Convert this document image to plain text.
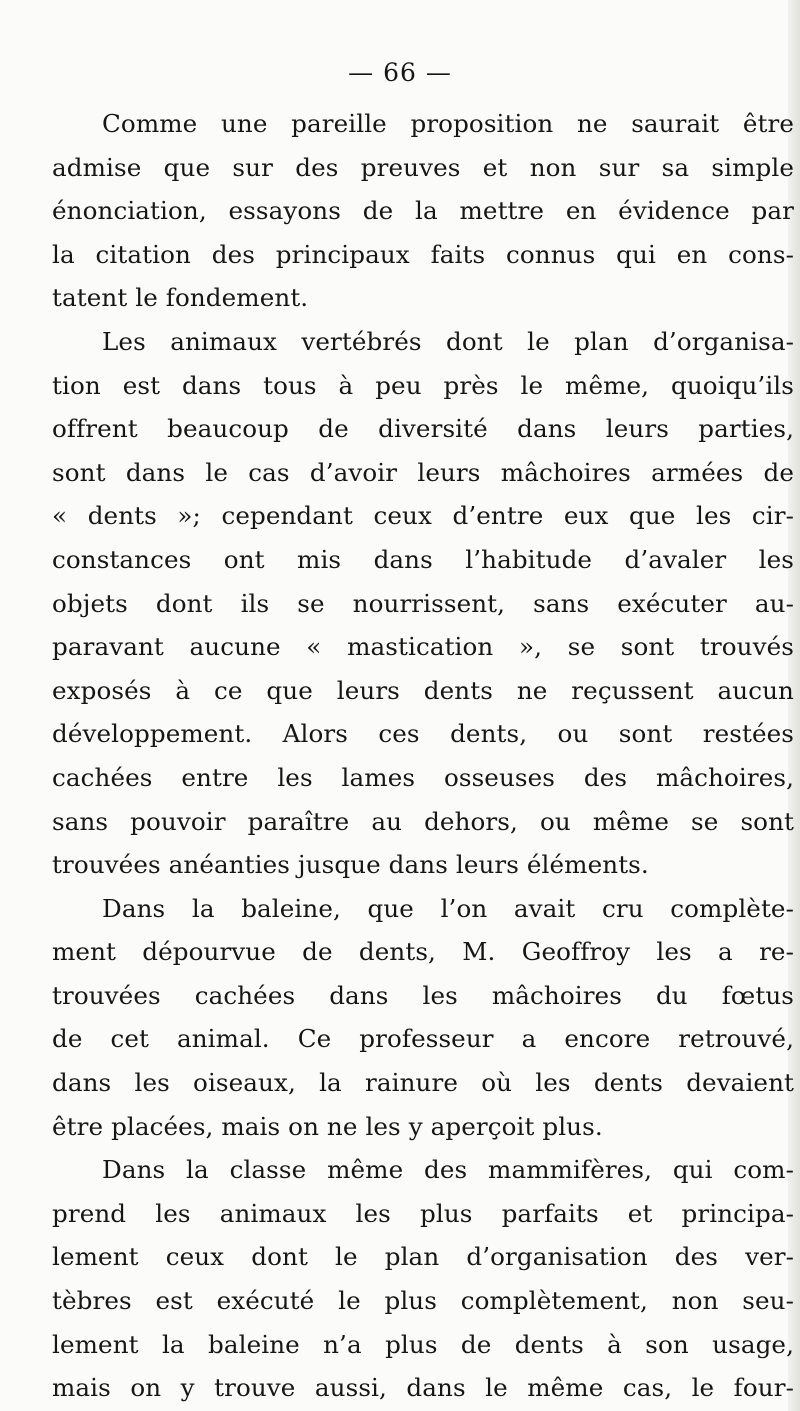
— 66 —
Comme une pareille proposition ne saurait être
admise que sur des preuves et non sur sa simple
énonciation, essayons de la mettre en évidence par
la citation des principaux faits connus qui en cons-
tatent le fondement.
Les animaux vertébrés dont le plan d’organisa-
tion est dans tous à peu près le même, quoiqu’ils
offrent beaucoup de diversité dans leurs parties,
sont dans le cas d’avoir leurs mâchoires armées de
« dents »; cependant ceux d’entre eux que les cir-
constances ont mis dans l’habitude d’avaler les
objets dont ils se nourrissent, sans exécuter au-
paravant aucune « mastication », se sont trouvés
exposés à ce que leurs dents ne reçussent aucun
développement. Alors ces dents, ou sont restées
cachées entre les lames osseuses des mâchoires,
sans pouvoir paraître au dehors, ou même se sont
trouvées anéanties jusque dans leurs éléments.
Dans la baleine, que l’on avait cru complète-
ment dépourvue de dents, M. Geoffroy les a re-
trouvées cachées dans les mâchoires du fœtus
de cet animal. Ce professeur a encore retrouvé,
dans les oiseaux, la rainure où les dents devaient
être placées, mais on ne les y aperçoit plus.
Dans la classe même des mammifères, qui com-
prend les animaux les plus parfaits et principa-
lement ceux dont le plan d’organisation des ver-
tèbres est exécuté le plus complètement, non seu-
lement la baleine n’a plus de dents à son usage,
mais on y trouve aussi, dans le même cas, le four-
